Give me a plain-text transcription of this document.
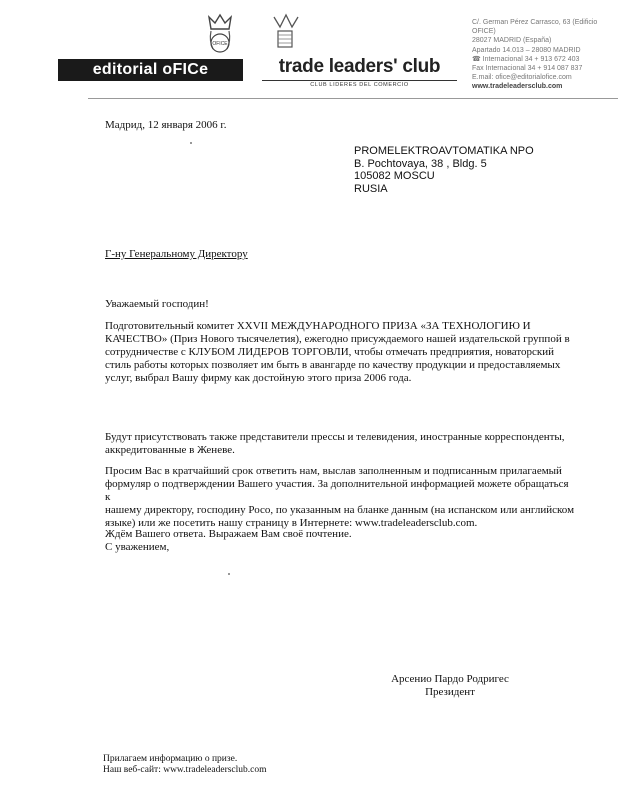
OFICE
editorial oFICe	trade leaders' club
CLUB LIDERES DEL COMERCIO
C/. German Pérez Carrasco, 63 (Edificio OFICE)
28027 MADRID (España)
Apartado 14.013 – 28080 MADRID
☎ Internacional 34 + 913 672 403
Fax Internacional 34 + 914 087 837
E.mail: ofice@editorialofice.com
www.tradeleadersclub.com
Мадрид, 12 января 2006 г.
PROMELEKTROAVTOMATIKA NPO
B. Pochtovaya, 38 , Bldg. 5
105082 MOSCU
RUSIA
Г-ну Генеральному Директору
Уважаемый господин!
Подготовительный комитет XXVII МЕЖДУНАРОДНОГО ПРИЗА «ЗА ТЕХНОЛОГИЮ И
КАЧЕСТВО» (Приз Нового тысячелетия), ежегодно присуждаемого нашей издательской группой в
сотрудничестве с КЛУБОМ ЛИДЕРОВ ТОРГОВЛИ, чтобы отмечать предприятия, новаторский
стиль работы которых позволяет им быть в авангарде по качеству продукции и предоставляемых
услуг, выбрал Вашу фирму как достойную этого приза 2006 года.
Будут присутствовать также представители прессы и телевидения, иностранные корреспонденты,
аккредитованные в Женеве.
Просим Вас в кратчайший срок ответить нам, выслав заполненным и подписанным прилагаемый
формуляр о подтверждении Вашего участия. За дополнительной информацией можете обращаться к
нашему директору, господину Росо, по указанным на бланке данным (на испанском или английском
языке) или же посетить нашу страницу в Интернете: www.tradeleadersclub.com.
Ждём Вашего ответа. Выражаем Вам своё почтение.
С уважением,
Арсенио Пардо Родригес
Президент
Прилагаем информацию о призе.
Наш веб-сайт: www.tradeleadersclub.com
